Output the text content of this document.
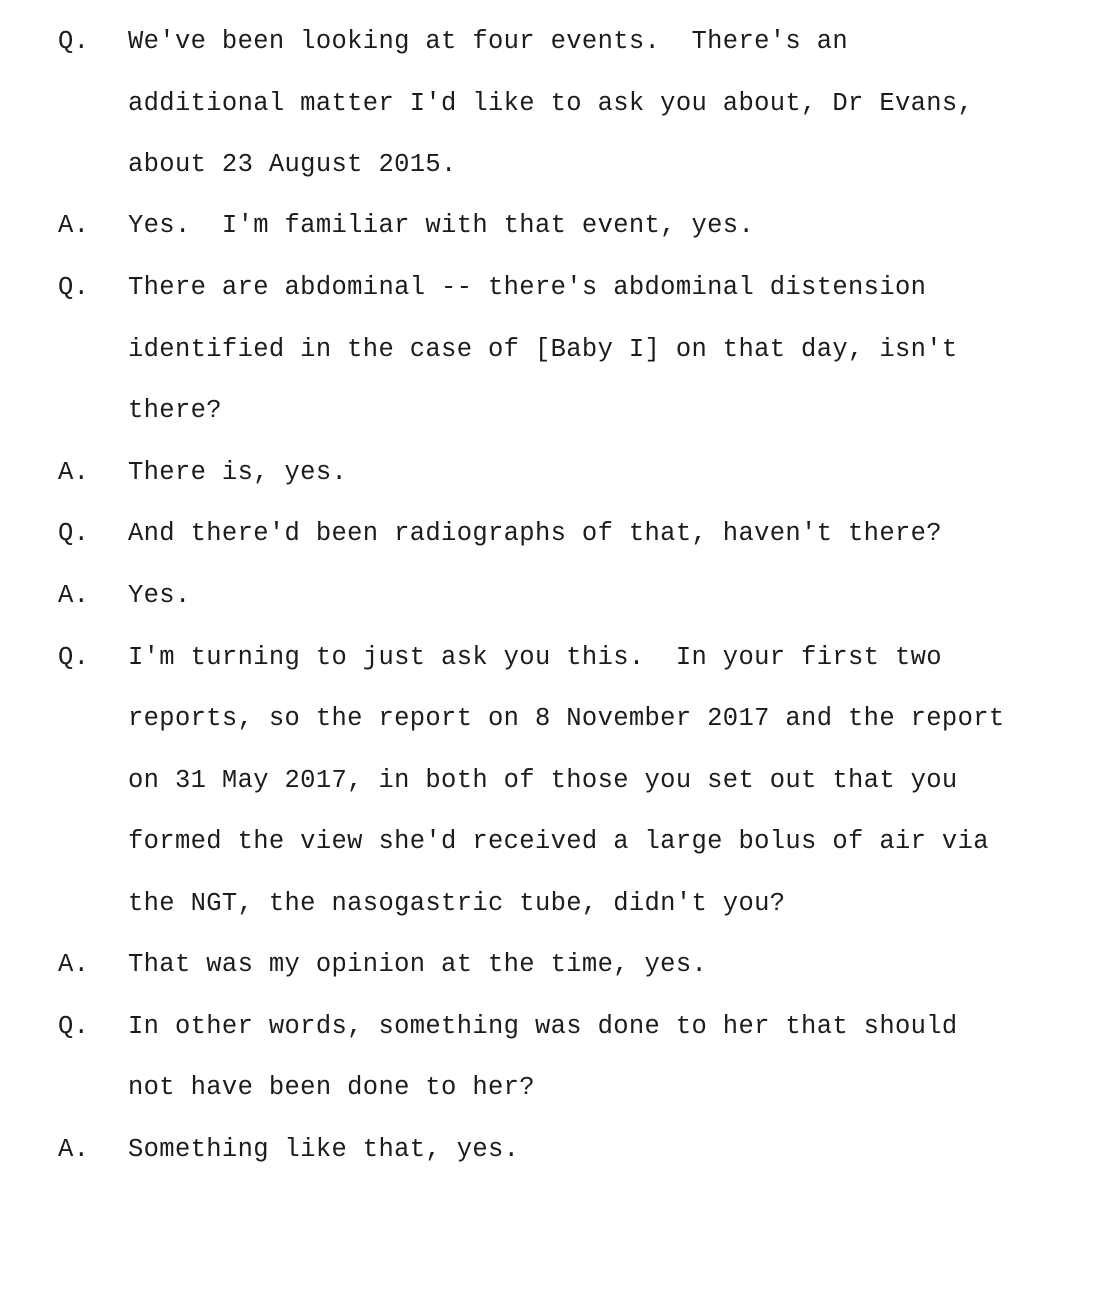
Q.

We've been looking at four events.  There's an

additional matter I'd like to ask you about, Dr Evans,

about 23 August 2015.

A.

Yes.  I'm familiar with that event, yes.

Q.

There are abdominal -- there's abdominal distension

identified in the case of [Baby I] on that day, isn't

there?

A.

There is, yes.

Q.

And there'd been radiographs of that, haven't there?

A.

Yes.

Q.

I'm turning to just ask you this.  In your first two

reports, so the report on 8 November 2017 and the report

on 31 May 2017, in both of those you set out that you

formed the view she'd received a large bolus of air via

the NGT, the nasogastric tube, didn't you?

A.

That was my opinion at the time, yes.

Q.

In other words, something was done to her that should

not have been done to her?

A.

Something like that, yes.
